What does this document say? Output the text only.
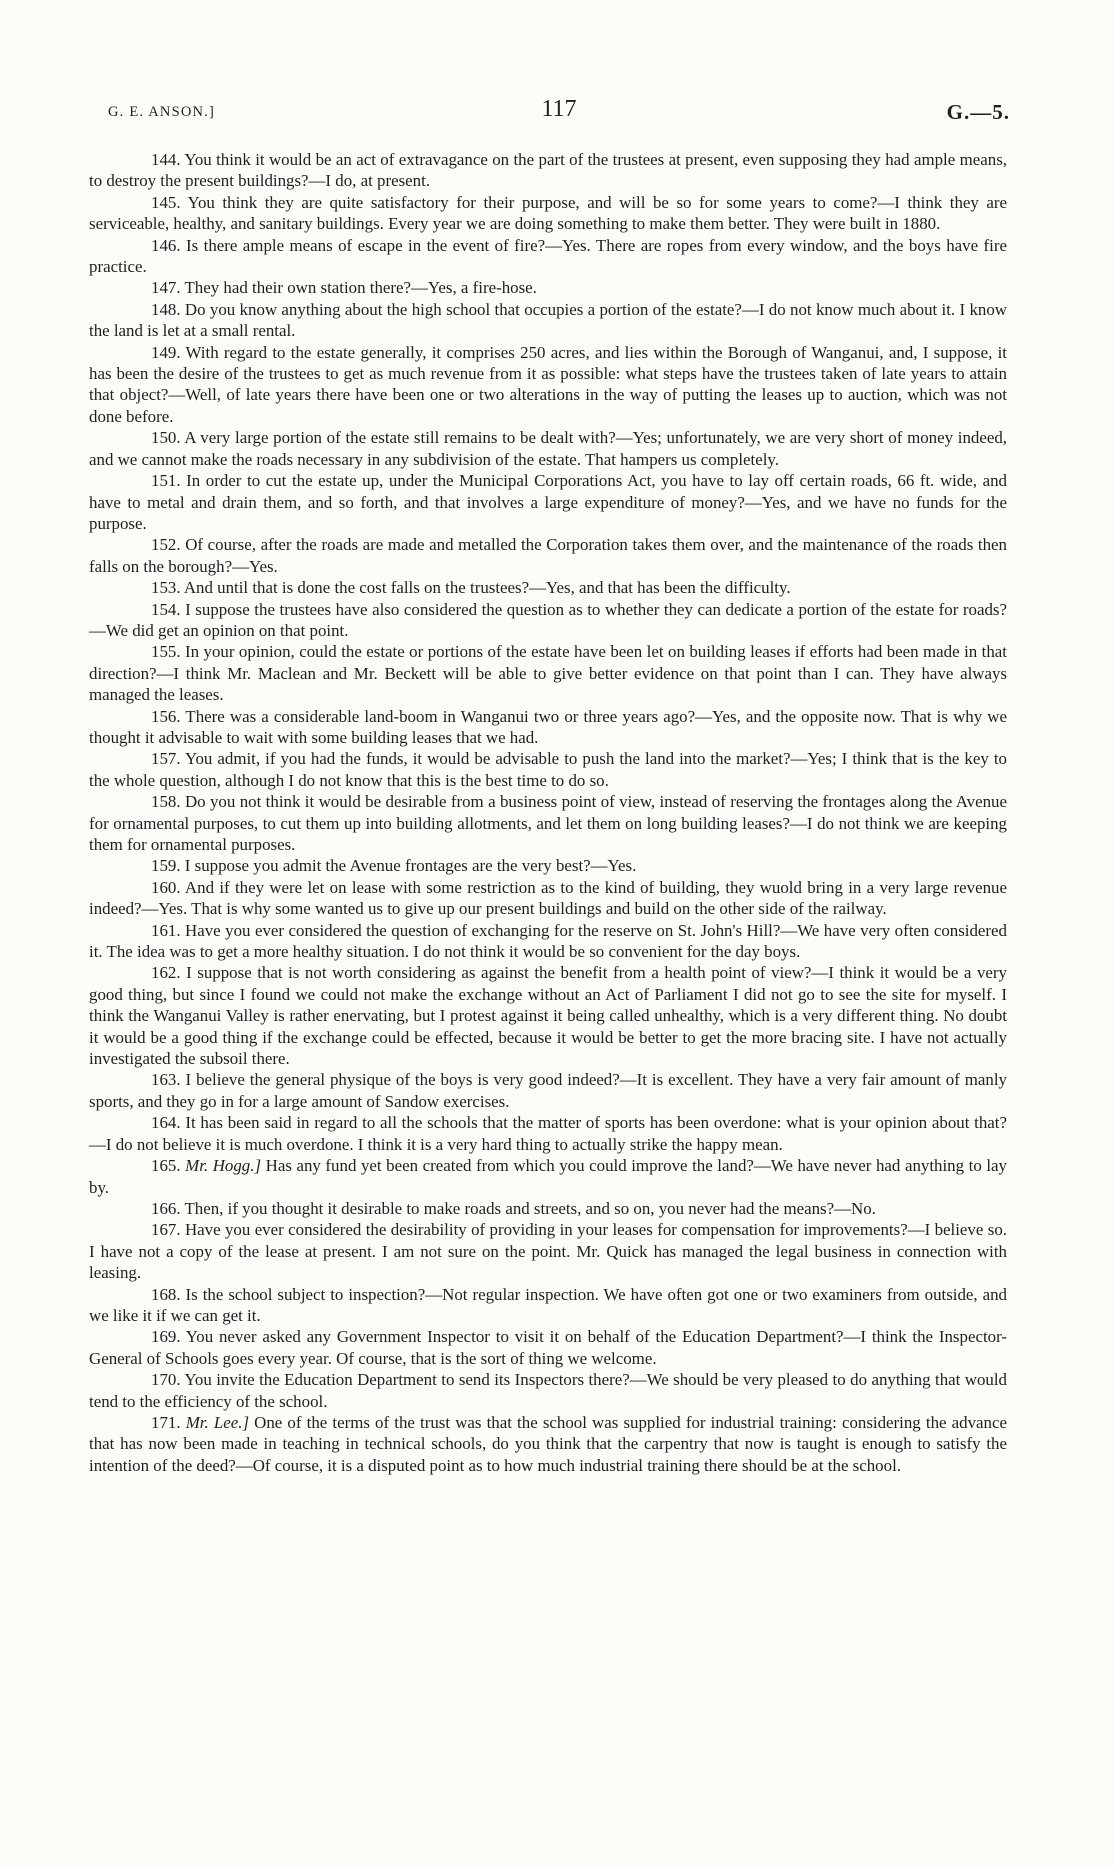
G. E. ANSON.]	117	G.—5.

144. You think it would be an act of extravagance on the part of the trustees at present, even supposing they had ample means, to destroy the present buildings?—I do, at present.

145. You think they are quite satisfactory for their purpose, and will be so for some years to come?—I think they are serviceable, healthy, and sanitary buildings. Every year we are doing something to make them better. They were built in 1880.

146. Is there ample means of escape in the event of fire?—Yes. There are ropes from every window, and the boys have fire practice.

147. They had their own station there?—Yes, a fire-hose.

148. Do you know anything about the high school that occupies a portion of the estate?—I do not know much about it. I know the land is let at a small rental.

149. With regard to the estate generally, it comprises 250 acres, and lies within the Borough of Wanganui, and, I suppose, it has been the desire of the trustees to get as much revenue from it as possible: what steps have the trustees taken of late years to attain that object?—Well, of late years there have been one or two alterations in the way of putting the leases up to auction, which was not done before.

150. A very large portion of the estate still remains to be dealt with?—Yes; unfortunately, we are very short of money indeed, and we cannot make the roads necessary in any subdivision of the estate. That hampers us completely.

151. In order to cut the estate up, under the Municipal Corporations Act, you have to lay off certain roads, 66 ft. wide, and have to metal and drain them, and so forth, and that involves a large expenditure of money?—Yes, and we have no funds for the purpose.

152. Of course, after the roads are made and metalled the Corporation takes them over, and the maintenance of the roads then falls on the borough?—Yes.

153. And until that is done the cost falls on the trustees?—Yes, and that has been the difficulty.

154. I suppose the trustees have also considered the question as to whether they can dedicate a portion of the estate for roads?—We did get an opinion on that point.

155. In your opinion, could the estate or portions of the estate have been let on building leases if efforts had been made in that direction?—I think Mr. Maclean and Mr. Beckett will be able to give better evidence on that point than I can. They have always managed the leases.

156. There was a considerable land-boom in Wanganui two or three years ago?—Yes, and the opposite now. That is why we thought it advisable to wait with some building leases that we had.

157. You admit, if you had the funds, it would be advisable to push the land into the market?—Yes; I think that is the key to the whole question, although I do not know that this is the best time to do so.

158. Do you not think it would be desirable from a business point of view, instead of reserving the frontages along the Avenue for ornamental purposes, to cut them up into building allotments, and let them on long building leases?—I do not think we are keeping them for ornamental purposes.

159. I suppose you admit the Avenue frontages are the very best?—Yes.

160. And if they were let on lease with some restriction as to the kind of building, they wuold bring in a very large revenue indeed?—Yes. That is why some wanted us to give up our present buildings and build on the other side of the railway.

161. Have you ever considered the question of exchanging for the reserve on St. John's Hill?—We have very often considered it. The idea was to get a more healthy situation. I do not think it would be so convenient for the day boys.

162. I suppose that is not worth considering as against the benefit from a health point of view?—I think it would be a very good thing, but since I found we could not make the exchange without an Act of Parliament I did not go to see the site for myself. I think the Wanganui Valley is rather enervating, but I protest against it being called unhealthy, which is a very different thing. No doubt it would be a good thing if the exchange could be effected, because it would be better to get the more bracing site. I have not actually investigated the subsoil there.

163. I believe the general physique of the boys is very good indeed?—It is excellent. They have a very fair amount of manly sports, and they go in for a large amount of Sandow exercises.

164. It has been said in regard to all the schools that the matter of sports has been overdone: what is your opinion about that?—I do not believe it is much overdone. I think it is a very hard thing to actually strike the happy mean.

165. Mr. Hogg.] Has any fund yet been created from which you could improve the land?—We have never had anything to lay by.

166. Then, if you thought it desirable to make roads and streets, and so on, you never had the means?—No.

167. Have you ever considered the desirability of providing in your leases for compensation for improvements?—I believe so. I have not a copy of the lease at present. I am not sure on the point. Mr. Quick has managed the legal business in connection with leasing.

168. Is the school subject to inspection?—Not regular inspection. We have often got one or two examiners from outside, and we like it if we can get it.

169. You never asked any Government Inspector to visit it on behalf of the Education Department?—I think the Inspector-General of Schools goes every year. Of course, that is the sort of thing we welcome.

170. You invite the Education Department to send its Inspectors there?—We should be very pleased to do anything that would tend to the efficiency of the school.

171. Mr. Lee.] One of the terms of the trust was that the school was supplied for industrial training: considering the advance that has now been made in teaching in technical schools, do you think that the carpentry that now is taught is enough to satisfy the intention of the deed?—Of course, it is a disputed point as to how much industrial training there should be at the school.
